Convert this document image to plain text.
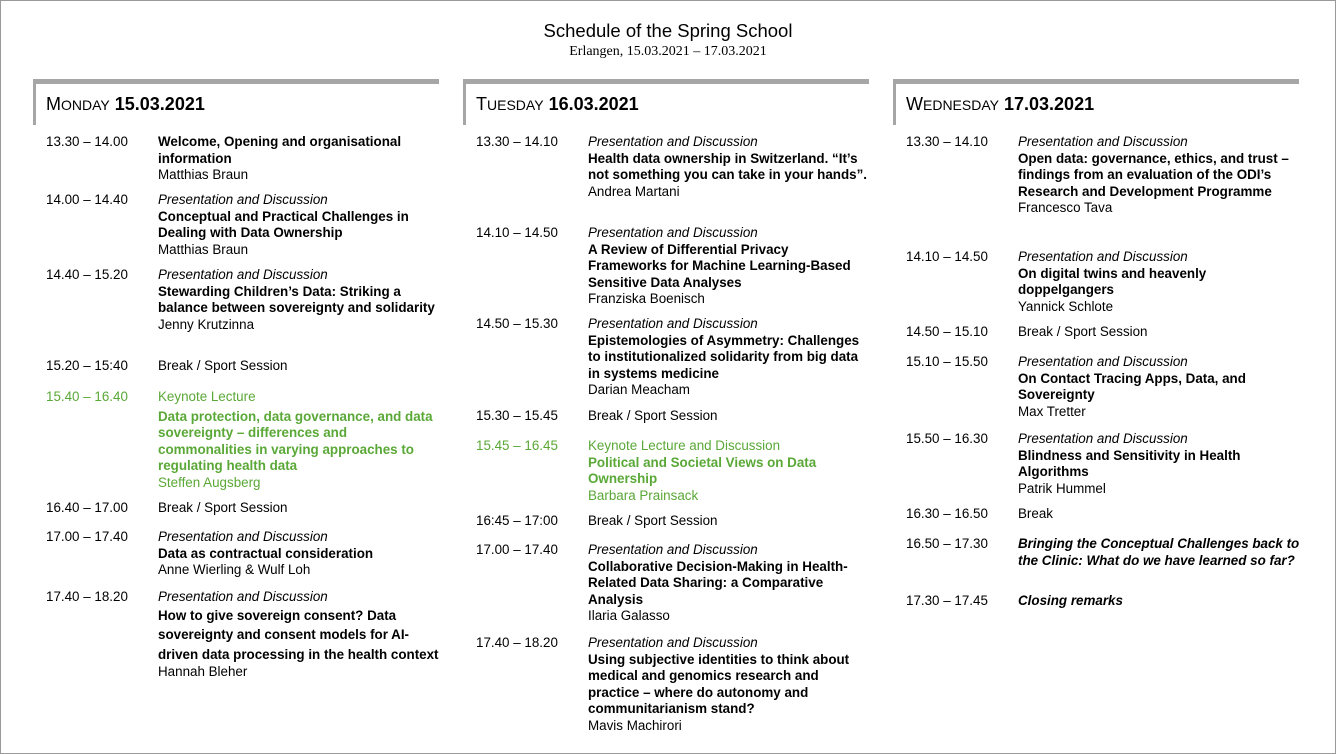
Schedule of the Spring School
Erlangen, 15.03.2021 – 17.03.2021
MONDAY 15.03.2021
13.30 – 14.00	Welcome, Opening and organisational information
Matthias Braun
14.00 – 14.40	Presentation and Discussion
Conceptual and Practical Challenges in Dealing with Data Ownership
Matthias Braun
14.40 – 15.20	Presentation and Discussion
Stewarding Children’s Data: Striking a balance between sovereignty and solidarity
Jenny Krutzinna
15.20 – 15:40	Break / Sport Session
15.40 – 16.40	Keynote Lecture
Data protection, data governance, and data sovereignty – differences and commonalities in varying approaches to regulating health data
Steffen Augsberg
16.40 – 17.00	Break / Sport Session
17.00 – 17.40	Presentation and Discussion
Data as contractual consideration
Anne Wierling & Wulf Loh
17.40 – 18.20	Presentation and Discussion
How to give sovereign consent? Data sovereignty and consent models for AI-driven data processing in the health context
Hannah Bleher
TUESDAY 16.03.2021
13.30 – 14.10	Presentation and Discussion
Health data ownership in Switzerland. “It’s not something you can take in your hands”.
Andrea Martani
14.10 – 14.50	Presentation and Discussion
A Review of Differential Privacy Frameworks for Machine Learning-Based Sensitive Data Analyses
Franziska Boenisch
14.50 – 15.30	Presentation and Discussion
Epistemologies of Asymmetry: Challenges to institutionalized solidarity from big data in systems medicine
Darian Meacham
15.30 – 15.45	Break / Sport Session
15.45 – 16.45	Keynote Lecture and Discussion
Political and Societal Views on Data Ownership
Barbara Prainsack
16:45 – 17:00	Break / Sport Session
17.00 – 17.40	Presentation and Discussion
Collaborative Decision-Making in Health-Related Data Sharing: a Comparative Analysis
Ilaria Galasso
17.40 – 18.20	Presentation and Discussion
Using subjective identities to think about medical and genomics research and practice – where do autonomy and communitarianism stand?
Mavis Machirori
WEDNESDAY 17.03.2021
13.30 – 14.10	Presentation and Discussion
Open data: governance, ethics, and trust – findings from an evaluation of the ODI’s Research and Development Programme
Francesco Tava
14.10 – 14.50	Presentation and Discussion
On digital twins and heavenly doppelgangers
Yannick Schlote
14.50 – 15.10	Break / Sport Session
15.10 – 15.50	Presentation and Discussion
On Contact Tracing Apps, Data, and Sovereignty
Max Tretter
15.50 – 16.30	Presentation and Discussion
Blindness and Sensitivity in Health Algorithms
Patrik Hummel
16.30 – 16.50	Break
16.50 – 17.30	Bringing the Conceptual Challenges back to the Clinic: What do we have learned so far?
17.30 – 17.45	Closing remarks
